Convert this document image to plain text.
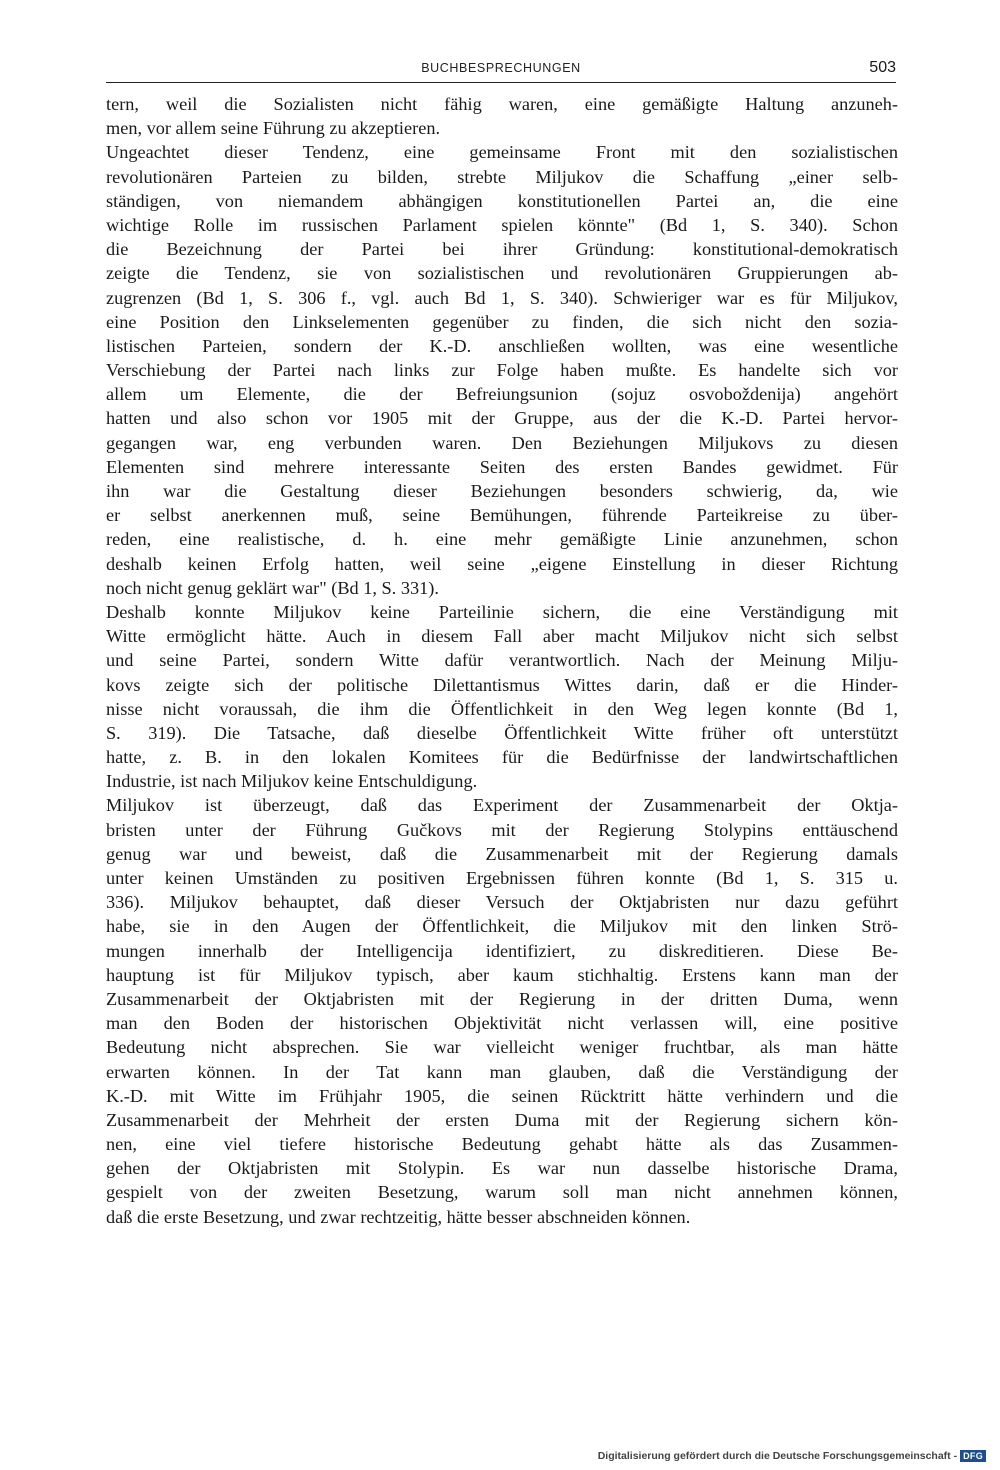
BUCHBESPRECHUNGEN	503
tern, weil die Sozialisten nicht fähig waren, eine gemäßigte Haltung anzuneh-
men, vor allem seine Führung zu akzeptieren.
Ungeachtet dieser Tendenz, eine gemeinsame Front mit den sozialistischen
revolutionären Parteien zu bilden, strebte Miljukov die Schaffung „einer selb-
ständigen, von niemandem abhängigen konstitutionellen Partei an, die eine
wichtige Rolle im russischen Parlament spielen könnte" (Bd 1, S. 340). Schon
die Bezeichnung der Partei bei ihrer Gründung: konstitutional-demokratisch
zeigte die Tendenz, sie von sozialistischen und revolutionären Gruppierungen ab-
zugrenzen (Bd 1, S. 306 f., vgl. auch Bd 1, S. 340). Schwieriger war es für Miljukov,
eine Position den Linkselementen gegenüber zu finden, die sich nicht den sozia-
listischen Parteien, sondern der K.-D. anschließen wollten, was eine wesentliche
Verschiebung der Partei nach links zur Folge haben mußte. Es handelte sich vor
allem um Elemente, die der Befreiungsunion (sojuz osvoboždenija) angehört
hatten und also schon vor 1905 mit der Gruppe, aus der die K.-D. Partei hervor-
gegangen war, eng verbunden waren. Den Beziehungen Miljukovs zu diesen
Elementen sind mehrere interessante Seiten des ersten Bandes gewidmet. Für
ihn war die Gestaltung dieser Beziehungen besonders schwierig, da, wie
er selbst anerkennen muß, seine Bemühungen, führende Parteikreise zu über-
reden, eine realistische, d. h. eine mehr gemäßigte Linie anzunehmen, schon
deshalb keinen Erfolg hatten, weil seine „eigene Einstellung in dieser Richtung
noch nicht genug geklärt war" (Bd 1, S. 331).
Deshalb konnte Miljukov keine Parteilinie sichern, die eine Verständigung mit
Witte ermöglicht hätte. Auch in diesem Fall aber macht Miljukov nicht sich selbst
und seine Partei, sondern Witte dafür verantwortlich. Nach der Meinung Milju-
kovs zeigte sich der politische Dilettantismus Wittes darin, daß er die Hinder-
nisse nicht voraussah, die ihm die Öffentlichkeit in den Weg legen konnte (Bd 1,
S. 319). Die Tatsache, daß dieselbe Öffentlichkeit Witte früher oft unterstützt
hatte, z. B. in den lokalen Komitees für die Bedürfnisse der landwirtschaftlichen
Industrie, ist nach Miljukov keine Entschuldigung.
Miljukov ist überzeugt, daß das Experiment der Zusammenarbeit der Oktja-
bristen unter der Führung Gučkovs mit der Regierung Stolypins enttäuschend
genug war und beweist, daß die Zusammenarbeit mit der Regierung damals
unter keinen Umständen zu positiven Ergebnissen führen konnte (Bd 1, S. 315 u.
336). Miljukov behauptet, daß dieser Versuch der Oktjabristen nur dazu geführt
habe, sie in den Augen der Öffentlichkeit, die Miljukov mit den linken Strö-
mungen innerhalb der Intelligencija identifiziert, zu diskreditieren. Diese Be-
hauptung ist für Miljukov typisch, aber kaum stichhaltig. Erstens kann man der
Zusammenarbeit der Oktjabristen mit der Regierung in der dritten Duma, wenn
man den Boden der historischen Objektivität nicht verlassen will, eine positive
Bedeutung nicht absprechen. Sie war vielleicht weniger fruchtbar, als man hätte
erwarten können. In der Tat kann man glauben, daß die Verständigung der
K.-D. mit Witte im Frühjahr 1905, die seinen Rücktritt hätte verhindern und die
Zusammenarbeit der Mehrheit der ersten Duma mit der Regierung sichern kön-
nen, eine viel tiefere historische Bedeutung gehabt hätte als das Zusammen-
gehen der Oktjabristen mit Stolypin. Es war nun dasselbe historische Drama,
gespielt von der zweiten Besetzung, warum soll man nicht annehmen können,
daß die erste Besetzung, und zwar rechtzeitig, hätte besser abschneiden können.
Digitalisierung gefördert durch die Deutsche Forschungsgemeinschaft - DFG
